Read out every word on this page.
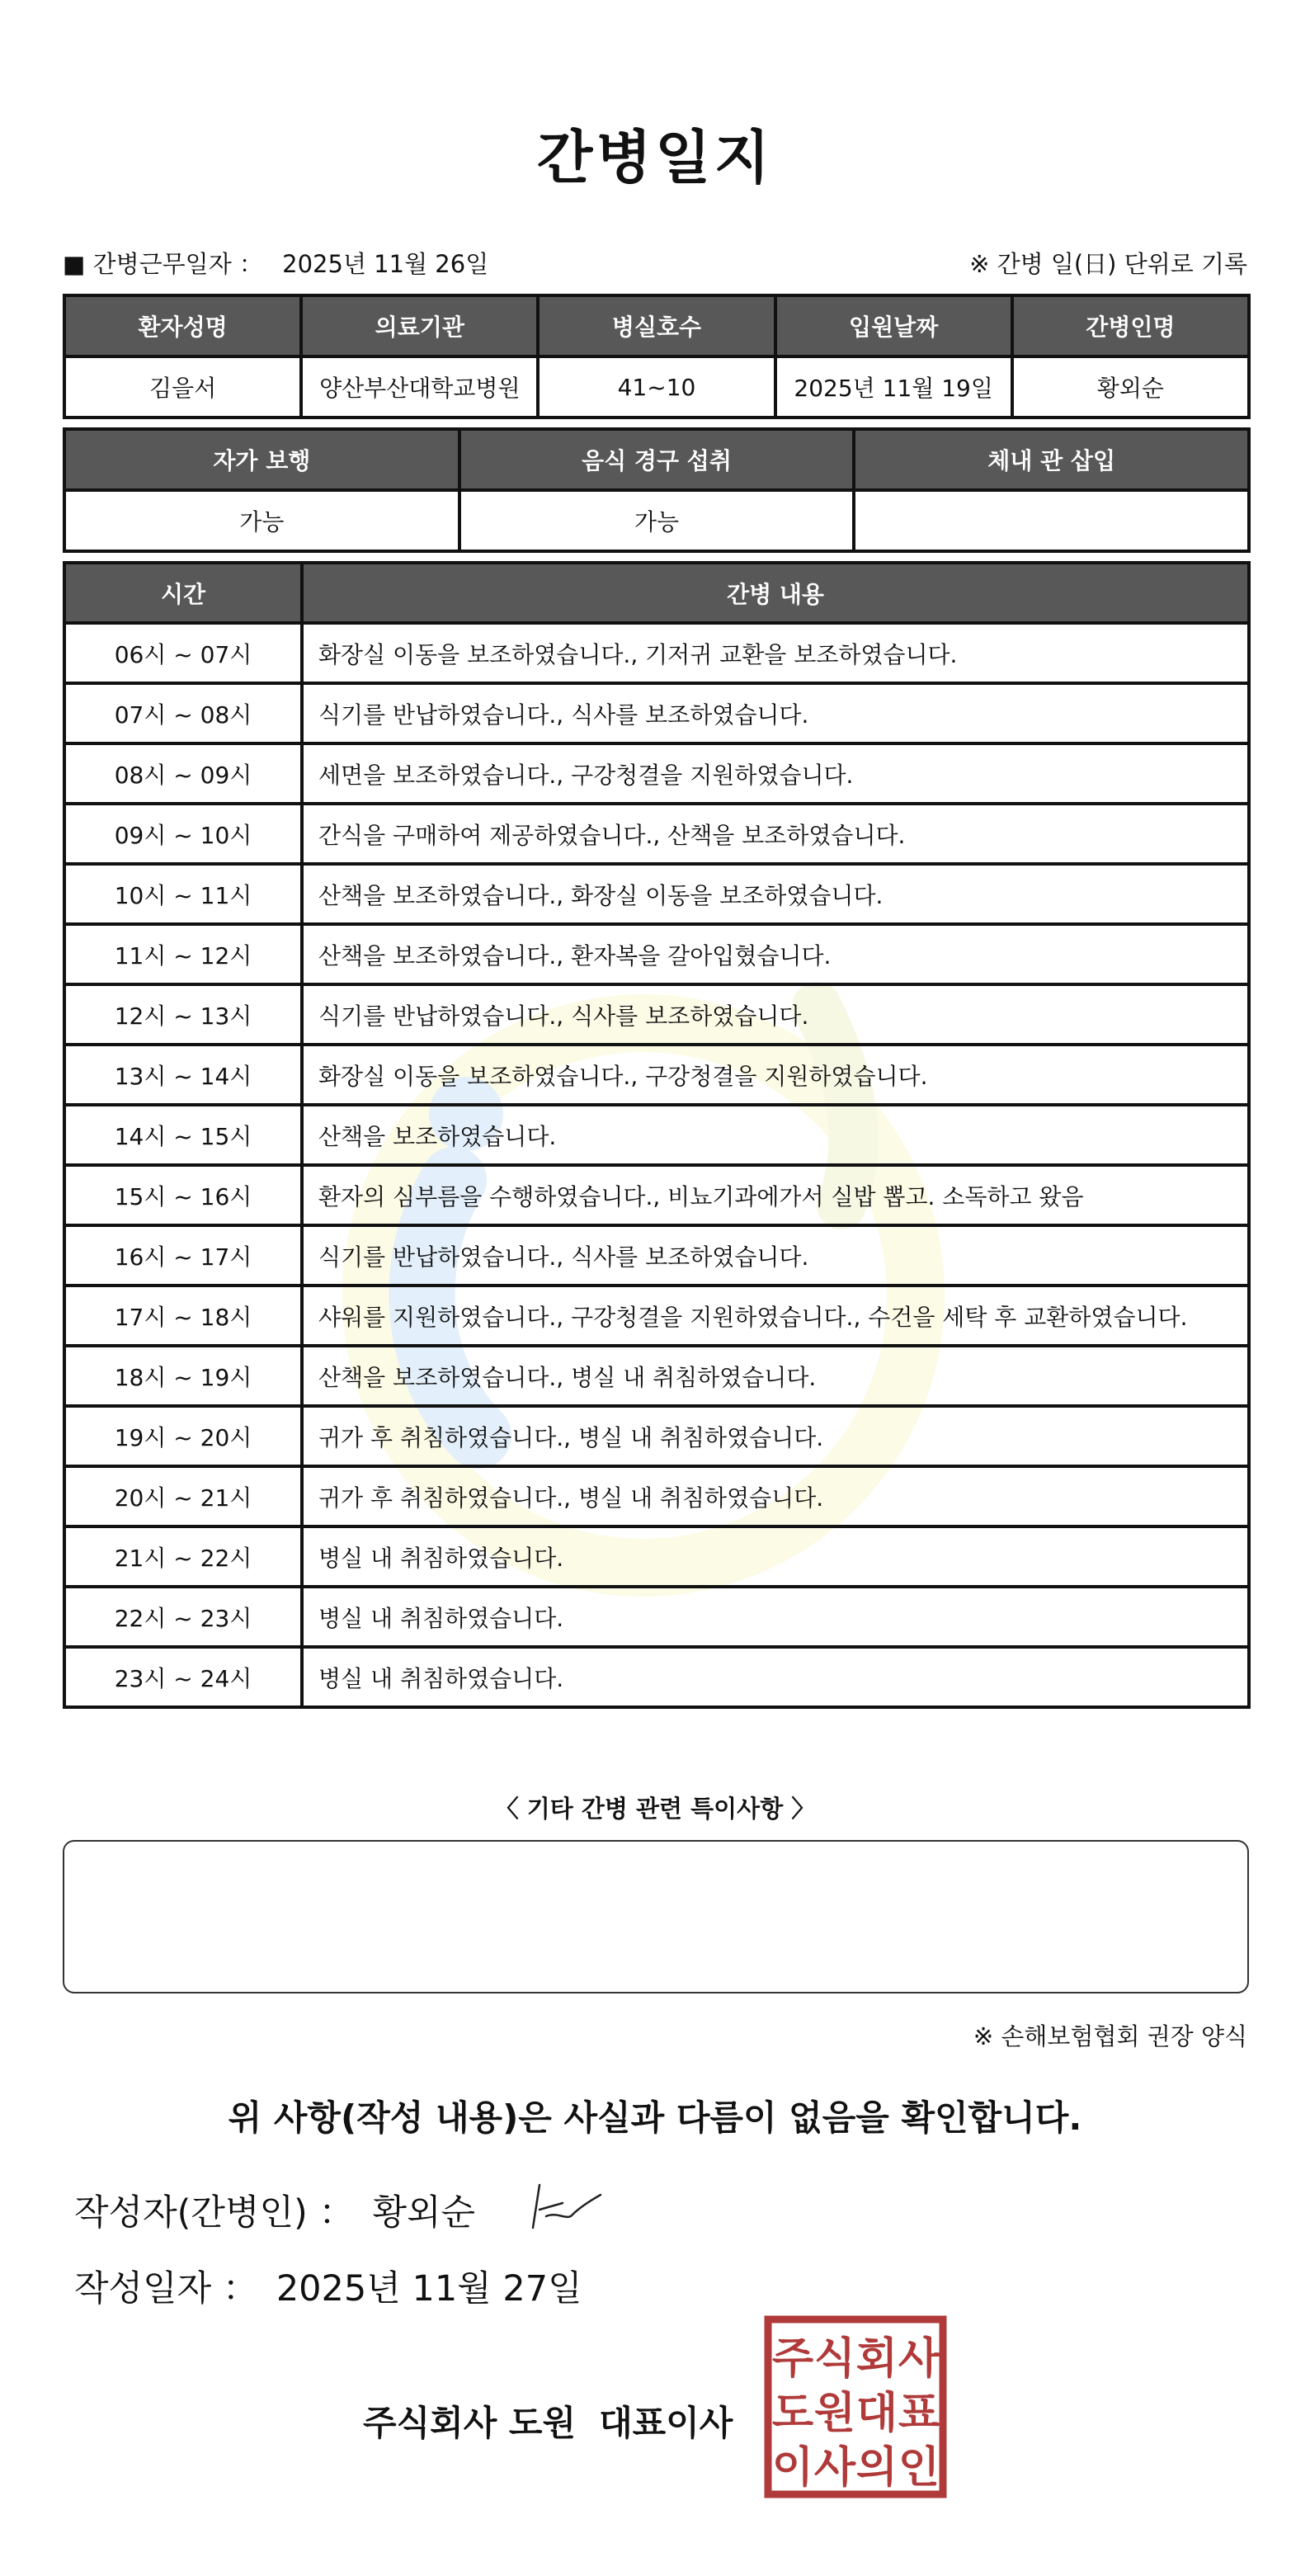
간병일지
■ 간병근무일자 ： 2025년 11월 26일	※ 간병 일(日) 단위로 기록
환자성명	의료기관	병실호수	입원날짜	간병인명
김을서	양산부산대학교병원	41~10	2025년 11월 19일	황외순
자가 보행	음식 경구 섭취	체내 관 삽입
가능	가능	
시간	간병 내용
06시 ~ 07시	화장실 이동을 보조하였습니다., 기저귀 교환을 보조하였습니다.
07시 ~ 08시	식기를 반납하였습니다., 식사를 보조하였습니다.
08시 ~ 09시	세면을 보조하였습니다., 구강청결을 지원하였습니다.
09시 ~ 10시	간식을 구매하여 제공하였습니다., 산책을 보조하였습니다.
10시 ~ 11시	산책을 보조하였습니다., 화장실 이동을 보조하였습니다.
11시 ~ 12시	산책을 보조하였습니다., 환자복을 갈아입혔습니다.
12시 ~ 13시	식기를 반납하였습니다., 식사를 보조하였습니다.
13시 ~ 14시	화장실 이동을 보조하였습니다., 구강청결을 지원하였습니다.
14시 ~ 15시	산책을 보조하였습니다.
15시 ~ 16시	환자의 심부름을 수행하였습니다., 비뇨기과에가서 실밥 뽑고. 소독하고 왔음
16시 ~ 17시	식기를 반납하였습니다., 식사를 보조하였습니다.
17시 ~ 18시	샤워를 지원하였습니다., 구강청결을 지원하였습니다., 수건을 세탁 후 교환하였습니다.
18시 ~ 19시	산책을 보조하였습니다., 병실 내 취침하였습니다.
19시 ~ 20시	귀가 후 취침하였습니다., 병실 내 취침하였습니다.
20시 ~ 21시	귀가 후 취침하였습니다., 병실 내 취침하였습니다.
21시 ~ 22시	병실 내 취침하였습니다.
22시 ~ 23시	병실 내 취침하였습니다.
23시 ~ 24시	병실 내 취침하였습니다.
〈 기타 간병 관련 특이사항 〉
※ 손해보험협회 권장 양식
위 사항(작성 내용)은 사실과 다름이 없음을 확인합니다.
작성자(간병인) ： 황외순
작성일자 ： 2025년 11월 27일
주식회사 도원 대표이사
주 식 회 사
도 원 대 표
이 사 의 인
